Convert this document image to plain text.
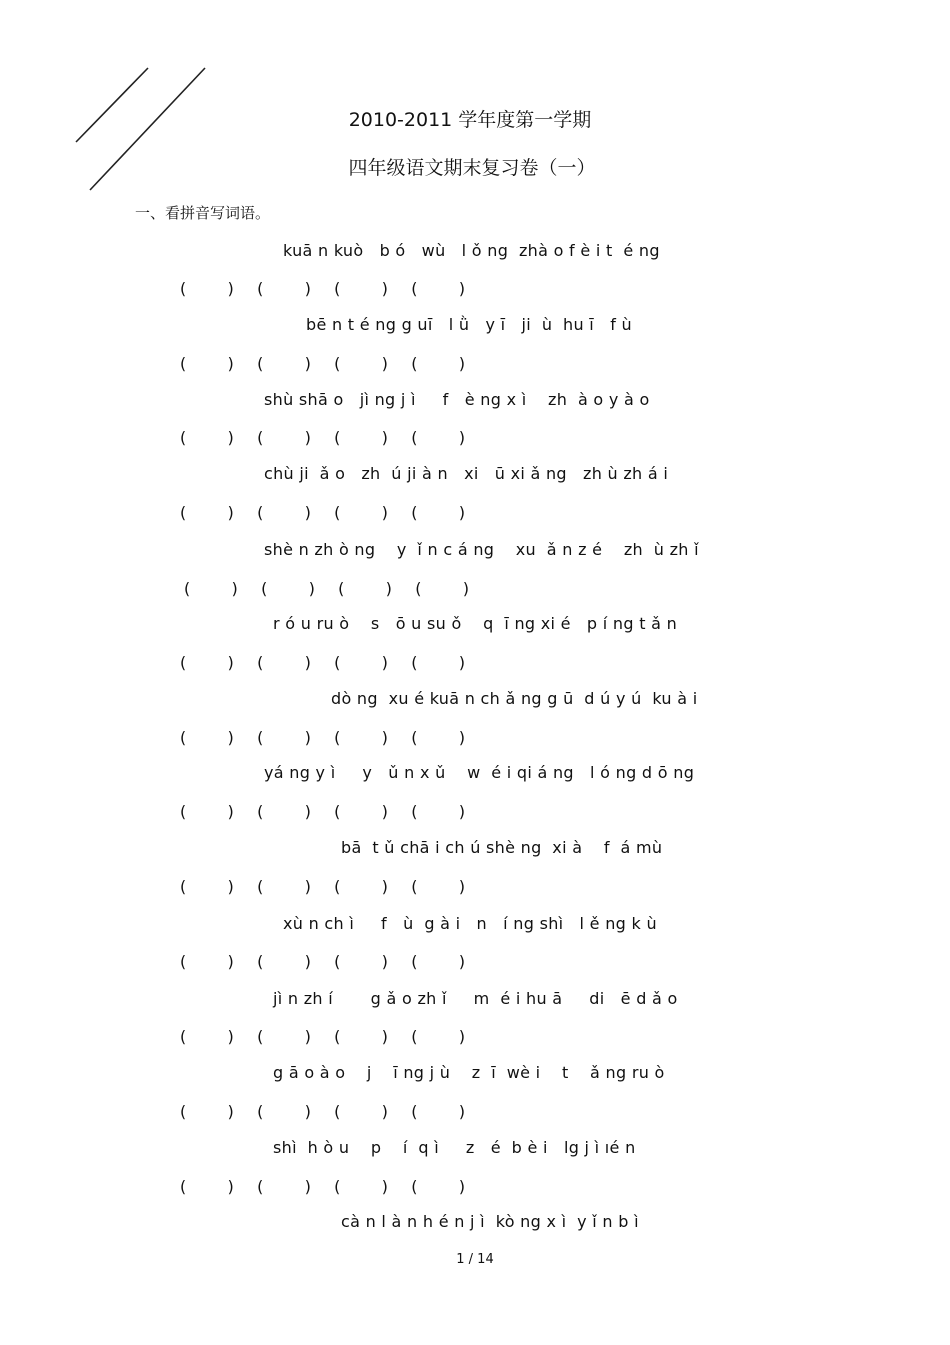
2010-2011 学年度第一学期
四年级语文期末复习卷（一）
一、看拼音写词语。
kuā n kuò   b ó   wù   l ǒ ng  zhà o f è i t  é ng
(    )  (    )  (    )  (    )
bē n t é ng g uī   l ǜ   y ī   ji  ù  hu ī   f ù
(    )  (    )  (    )  (    )
shù shā o   jì ng j ì     f   è ng x ì    zh  à o y à o
(    )  (    )  (    )  (    )
chù ji  ǎ o   zh  ú ji à n   xi   ū xi ǎ ng   zh ù zh á i
(    )  (    )  (    )  (    )
shè n zh ò ng    y  ǐ n c á ng    xu  ǎ n z é    zh  ù zh ǐ
(    )  (    )  (    )  (    )
r ó u ru ò    s   ō u su ǒ    q  ī ng xi é   p í ng t ǎ n
(    )  (    )  (    )  (    )
dò ng  xu é kuā n ch ǎ ng g ū  d ú y ú  ku à i
(    )  (    )  (    )  (    )
yá ng y ì     y   ǔ n x ǔ    w  é i qi á ng   l ó ng d ō ng
(    )  (    )  (    )  (    )
bā  t ǔ chā i ch ú shè ng  xi à    f  á mù
(    )  (    )  (    )  (    )
xù n ch ì     f   ù  g à i   n   í ng shì   l ě ng k ù
(    )  (    )  (    )  (    )
jì n zh í       g ǎ o zh ǐ     m  é i hu ā     di   ē d ǎ o
(    )  (    )  (    )  (    )
g ā o à o    j    ī ng j ù    z  ī  wè i    t    ǎ ng ru ò
(    )  (    )  (    )  (    )
shì  h ò u    p    í  q ì     z   é  b è i   lg j ì ıé n
(    )  (    )  (    )  (    )
cà n l à n h é n j ì  kò ng x ì  y ǐ n b ì
1 / 14
